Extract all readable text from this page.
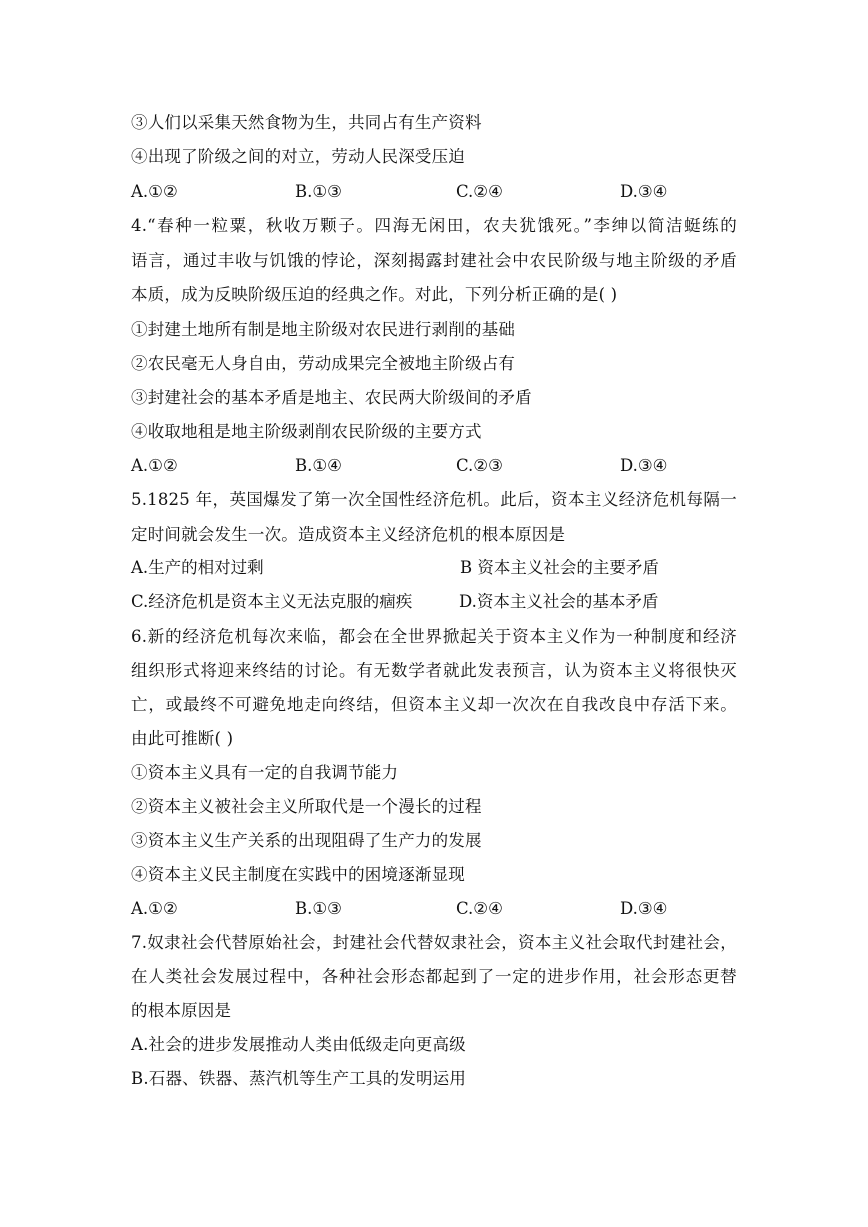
③人们以采集天然食物为生，共同占有生产资料
④出现了阶级之间的对立，劳动人民深受压迫
A.①②	B.①③	C.②④	D.③④
4.“春种一粒粟，秋收万颗子。四海无闲田，农夫犹饿死。”李绅以简洁蜓练的
语言，通过丰收与饥饿的悖论，深刻揭露封建社会中农民阶级与地主阶级的矛盾
本质，成为反映阶级压迫的经典之作。对此，下列分析正确的是( )
①封建土地所有制是地主阶级对农民进行剥削的基础
②农民毫无人身自由，劳动成果完全被地主阶级占有
③封建社会的基本矛盾是地主、农民两大阶级间的矛盾
④收取地租是地主阶级剥削农民阶级的主要方式
A.①②	B.①④	C.②③	D.③④
5.1825 年，英国爆发了第一次全国性经济危机。此后，资本主义经济危机每隔一
定时间就会发生一次。造成资本主义经济危机的根本原因是
A.生产的相对过剩	B 资本主义社会的主要矛盾
C.经济危机是资本主义无法克服的痼疾	D.资本主义社会的基本矛盾
6.新的经济危机每次来临，都会在全世界掀起关于资本主义作为一种制度和经济
组织形式将迎来终结的讨论。有无数学者就此发表预言，认为资本主义将很快灭
亡，或最终不可避免地走向终结，但资本主义却一次次在自我改良中存活下来。
由此可推断( )
①资本主义具有一定的自我调节能力
②资本主义被社会主义所取代是一个漫长的过程
③资本主义生产关系的出现阻碍了生产力的发展
④资本主义民主制度在实践中的困境逐渐显现
A.①②	B.①③	C.②④	D.③④
7.奴隶社会代替原始社会，封建社会代替奴隶社会，资本主义社会取代封建社会，
在人类社会发展过程中，各种社会形态都起到了一定的进步作用，社会形态更替
的根本原因是
A.社会的进步发展推动人类由低级走向更高级
B.石器、铁器、蒸汽机等生产工具的发明运用
